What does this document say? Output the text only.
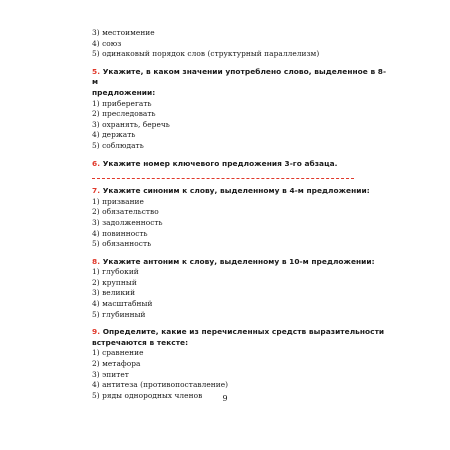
3) местоимение
4) союз
5) одинаковый порядок слов (структурный параллелизм)
5. Укажите, в каком значении употреблено слово, выделенное в 8-м
предложении:
1) приберегать
2) преследовать
3) охранять, беречь
4) держать
5) соблюдать
6. Укажите номер ключевого предложения 3-го абзаца.
7. Укажите синоним к слову, выделенному в 4-м предложении:
1) призвание
2) обязательство
3) задолженность
4) повинность
5) обязанность
8. Укажите антоним к слову, выделенному в 10-м предложении:
1) глубокий
2) крупный
3) великий
4) масштабный
5) глубинный
9. Определите, какие из перечисленных средств выразительности
встречаются в тексте:
1) сравнение
2) метафора
3) эпитет
4) антитеза (противопоставление)
5) ряды однородных членов	9
